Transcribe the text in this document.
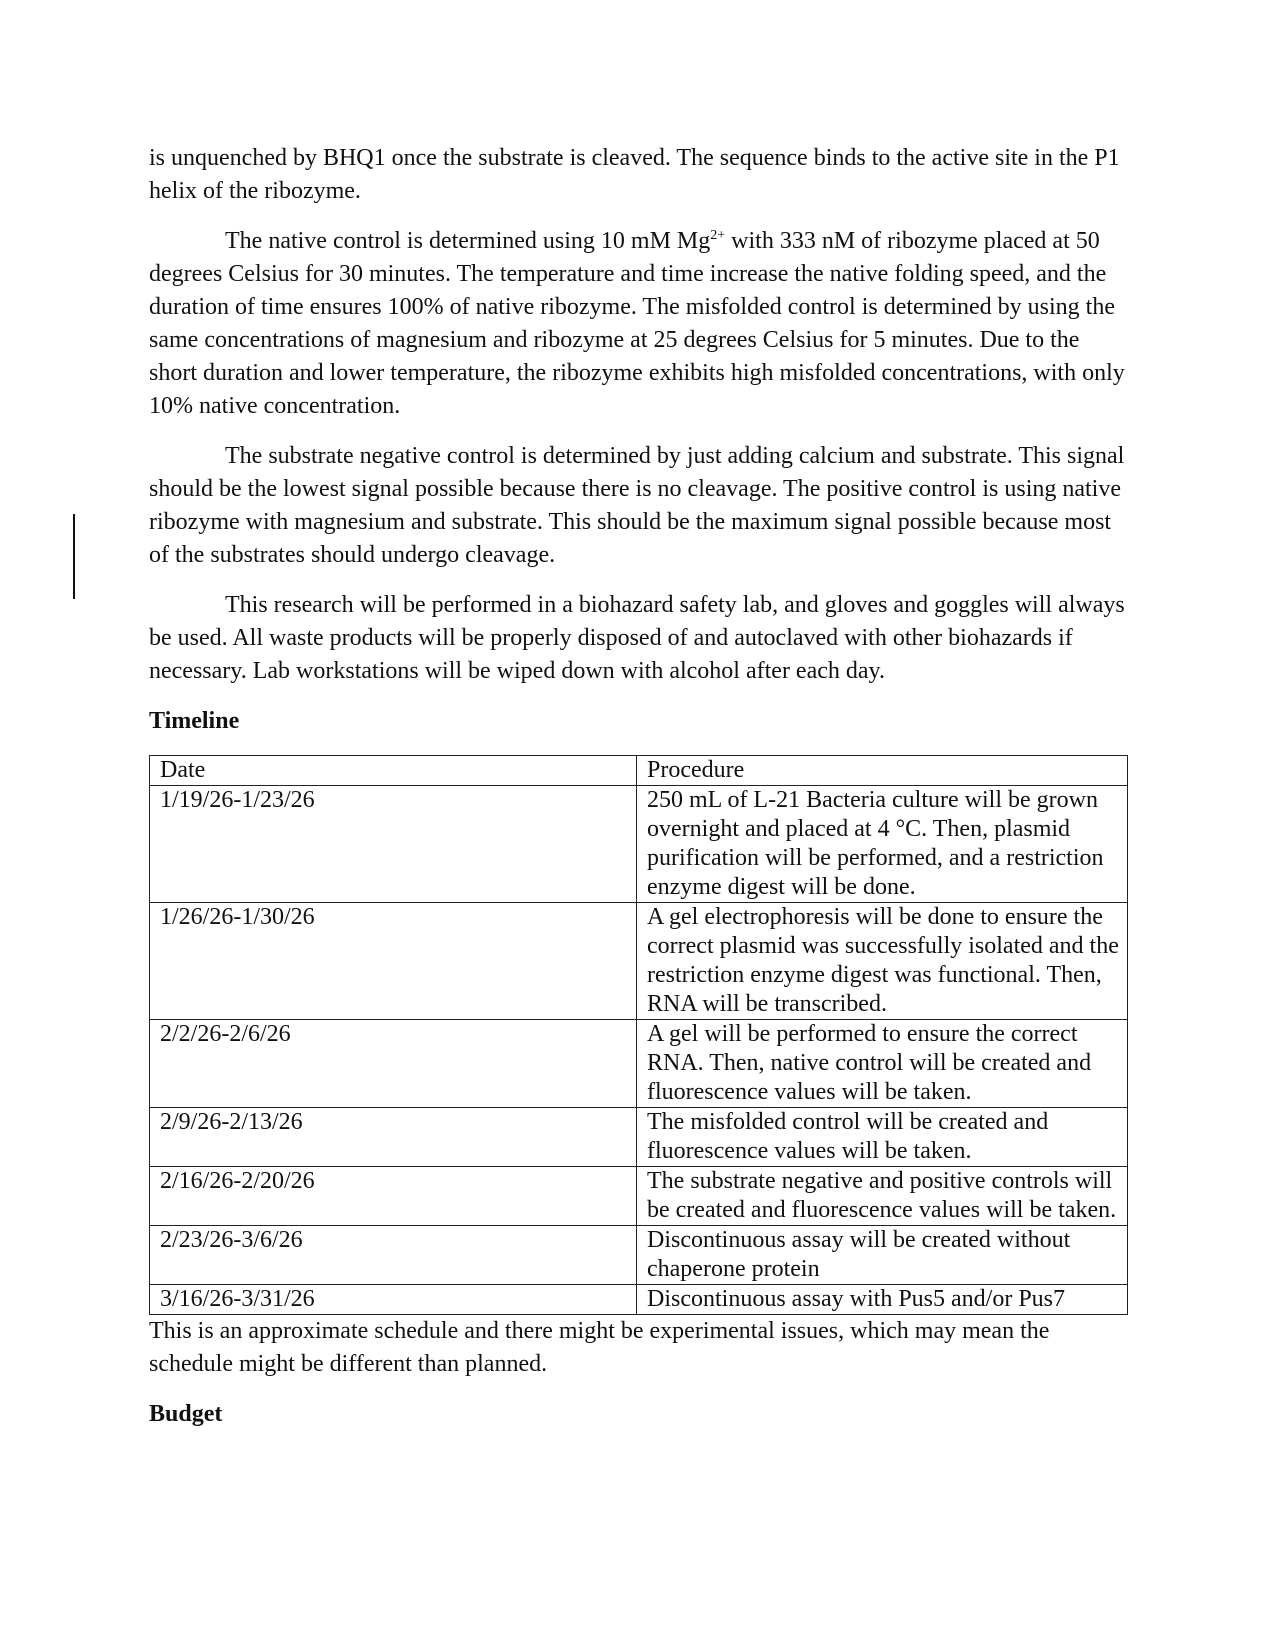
is unquenched by BHQ1 once the substrate is cleaved. The sequence binds to the active site in the P1 helix of the ribozyme.

The native control is determined using 10 mM $Mg^{2+}$ with 333 nM of ribozyme placed at 50 degrees Celsius for 30 minutes. The temperature and time increase the native folding speed, and the duration of time ensures 100% of native ribozyme. The misfolded control is determined by using the same concentrations of magnesium and ribozyme at 25 degrees Celsius for 5 minutes. Due to the short duration and lower temperature, the ribozyme exhibits high misfolded concentrations, with only 10% native concentration.

The substrate negative control is determined by just adding calcium and substrate. This signal should be the lowest signal possible because there is no cleavage. The positive control is using native ribozyme with magnesium and substrate. This should be the maximum signal possible because most of the substrates should undergo cleavage.

This research will be performed in a biohazard safety lab, and gloves and goggles will always be used. All waste products will be properly disposed of and autoclaved with other biohazards if necessary. Lab workstations will be wiped down with alcohol after each day.

Timeline
Date	Procedure
1/19/26-1/23/26	250 mL of L-21 Bacteria culture will be grown overnight and placed at 4 °C. Then, plasmid purification will be performed, and a restriction enzyme digest will be done.
1/26/26-1/30/26	A gel electrophoresis will be done to ensure the correct plasmid was successfully isolated and the restriction enzyme digest was functional. Then, RNA will be transcribed.
2/2/26-2/6/26	A gel will be performed to ensure the correct RNA. Then, native control will be created and fluorescence values will be taken.
2/9/26-2/13/26	The misfolded control will be created and fluorescence values will be taken.
2/16/26-2/20/26	The substrate negative and positive controls will be created and fluorescence values will be taken.
2/23/26-3/6/26	Discontinuous assay will be created without chaperone protein
3/16/26-3/31/26	Discontinuous assay with Pus5 and/or Pus7

This is an approximate schedule and there might be experimental issues, which may mean the schedule might be different than planned.

Budget
